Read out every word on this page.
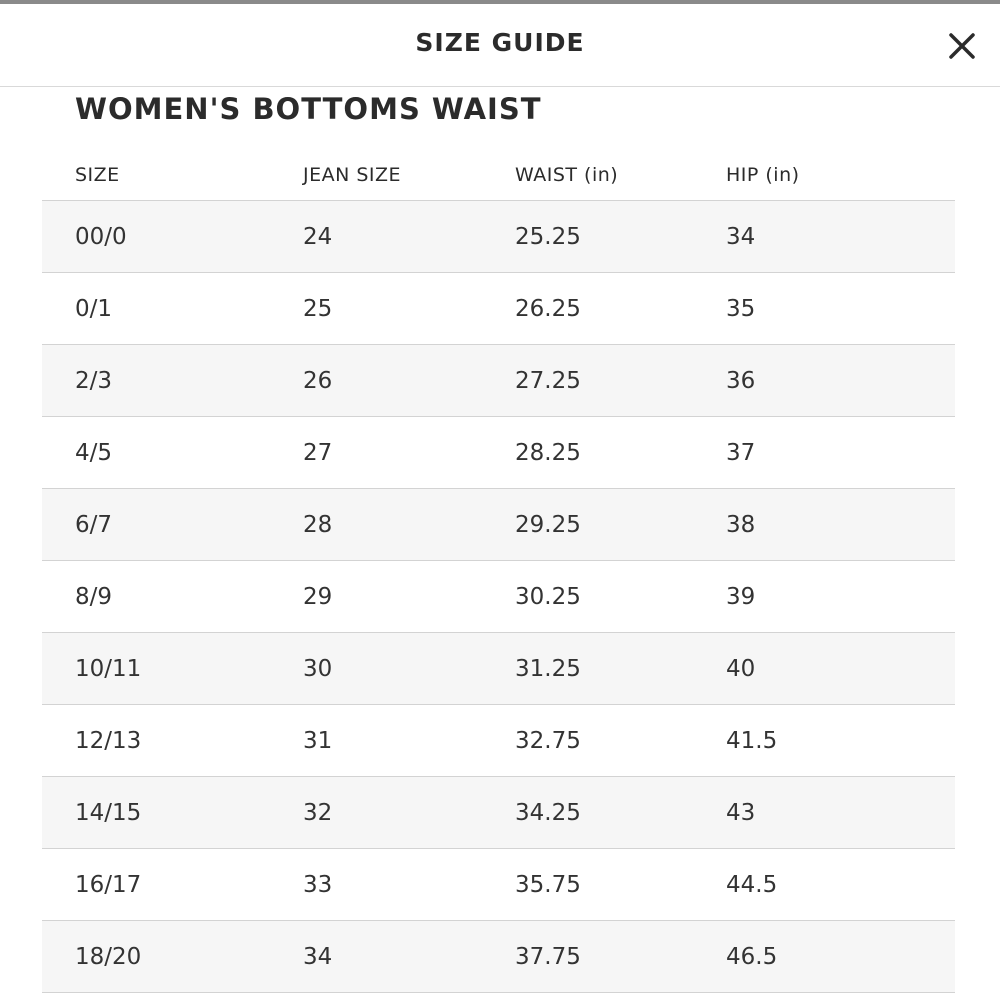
SIZE GUIDE
WOMEN'S BOTTOMS WAIST
SIZE	JEAN SIZE	WAIST (in)	HIP (in)
00/0	24	25.25	34
0/1	25	26.25	35
2/3	26	27.25	36
4/5	27	28.25	37
6/7	28	29.25	38
8/9	29	30.25	39
10/11	30	31.25	40
12/13	31	32.75	41.5
14/15	32	34.25	43
16/17	33	35.75	44.5
18/20	34	37.75	46.5
